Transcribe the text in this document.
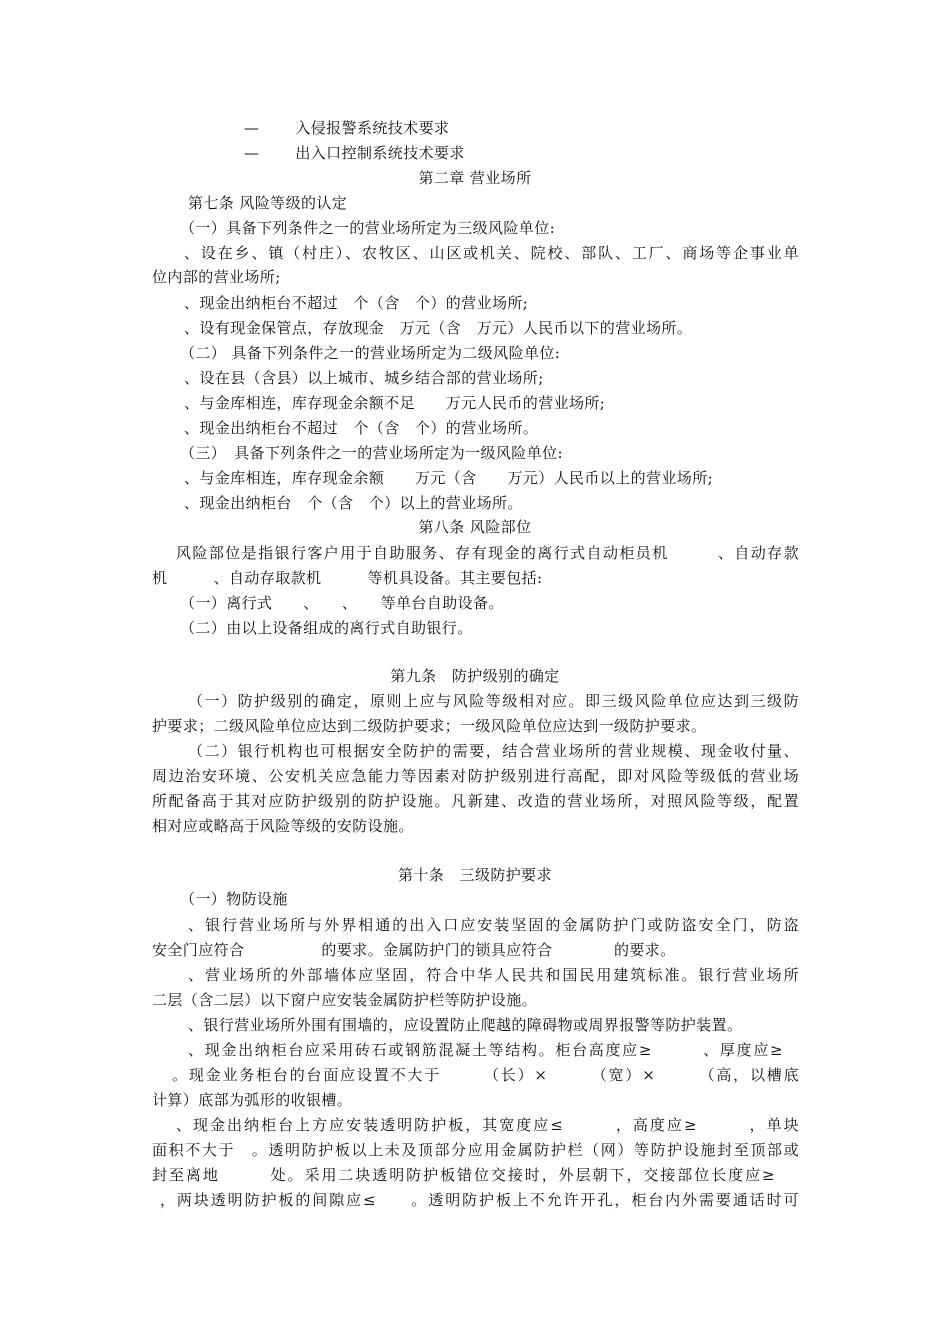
—　　 入侵报警系统技术要求
—　　 出入口控制系统技术要求
第二章 营业场所
第七条 风险等级的认定
（一）具备下列条件之一的营业场所定为三级风险单位:
、设在乡、镇（村庄）、农牧区、山区或机关、院校、部队、工厂、商场等企事业单
位内部的营业场所;
、现金出纳柜台不超过　个（含　个）的营业场所;
、设有现金保管点，存放现金　万元（含　万元）人民币以下的营业场所。
（二） 具备下列条件之一的营业场所定为二级风险单位:
、设在县（含县）以上城市、城乡结合部的营业场所;
、与金库相连，库存现金余额不足　　万元人民币的营业场所;
、现金出纳柜台不超过　个（含　个）的营业场所。
（三）　具备下列条件之一的营业场所定为一级风险单位:
、与金库相连，库存现金余额　　万元（含　　万元）人民币以上的营业场所;
、现金出纳柜台　个（含　个）以上的营业场所。
第八条 风险部位
风险部位是指银行客户用于自助服务、存有现金的离行式自动柜员机　　　、自动存款
机　　　、自动存取款机　　　等机具设备。其主要包括:
（一）离行式　　、　　、　　等单台自助设备。
（二）由以上设备组成的离行式自助银行。
第九条　防护级别的确定
（一）防护级别的确定，原则上应与风险等级相对应。即三级风险单位应达到三级防
护要求；二级风险单位应达到二级防护要求；一级风险单位应达到一级防护要求。
（二）银行机构也可根据安全防护的需要，结合营业场所的营业规模、现金收付量、
周边治安环境、公安机关应急能力等因素对防护级别进行高配，即对风险等级低的营业场
所配备高于其对应防护级别的防护设施。凡新建、改造的营业场所，对照风险等级，配置
相对应或略高于风险等级的安防设施。
第十条　三级防护要求
（一）物防设施
、银行营业场所与外界相通的出入口应安装坚固的金属防护门或防盗安全门，防盗
安全门应符合　　　　　的要求。金属防护门的锁具应符合　　　　的要求。
、营业场所的外部墙体应坚固，符合中华人民共和国民用建筑标准。银行营业场所
二层（含二层）以下窗户应安装金属防护栏等防护设施。
、银行营业场所外围有围墙的，应设置防止爬越的障碍物或周界报警等防护装置。
、现金出纳柜台应采用砖石或钢筋混凝土等结构。柜台高度应≥　　　、厚度应≥
。现金业务柜台的台面应设置不大于　　　（长）×　　　（宽）×　　　（高，以槽底
计算）底部为弧形的收银槽。
、现金出纳柜台上方应安装透明防护板，其宽度应≤　　　，高度应≥　　　，单块
面积不大于　。透明防护板以上未及顶部分应用金属防护栏（网）等防护设施封至顶部或
封至离地　　　处。采用二块透明防护板错位交接时，外层朝下，交接部位长度应≥
，两块透明防护板的间隙应≤　　。透明防护板上不允许开孔，柜台内外需要通话时可
